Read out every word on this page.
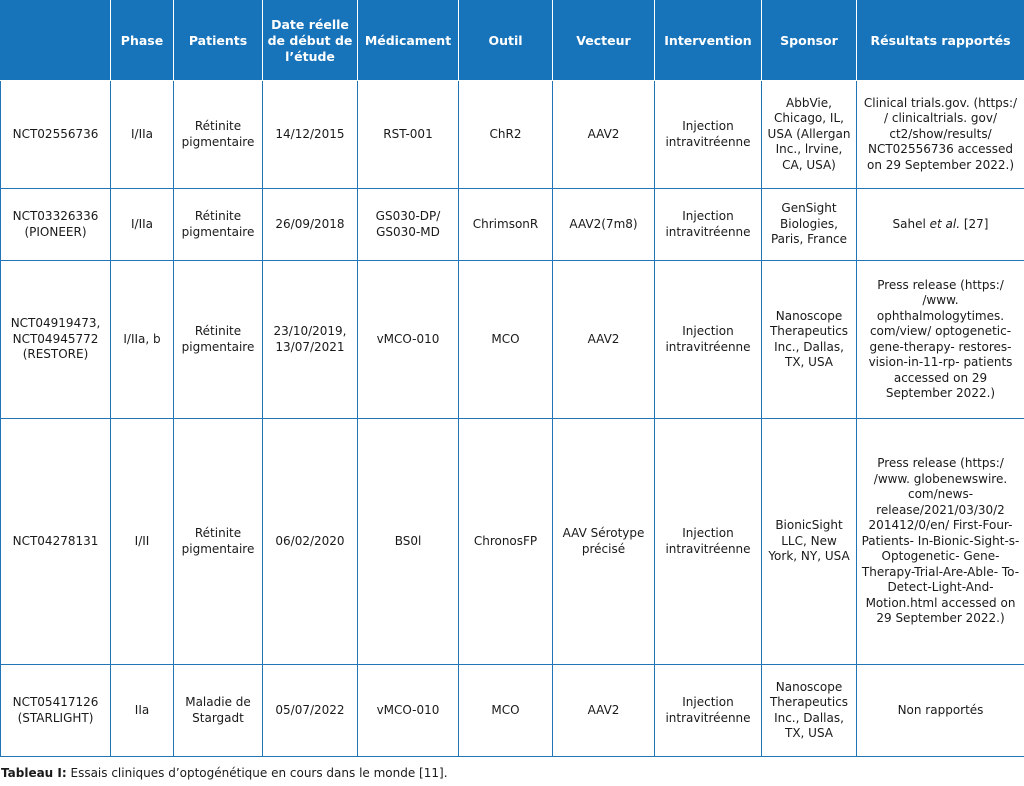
	Phase	Patients	Date réelle de début de l’étude	Médicament	Outil	Vecteur	Intervention	Sponsor	Résultats rapportés
NCT02556736	I/IIa	Rétinite pigmentaire	14/12/2015	RST-001	ChR2	AAV2	Injection intravitréenne	AbbVie, Chicago, IL, USA (Allergan Inc., lrvine, CA, USA)	Clinical trials.gov. (https:/ / clinicaltrials. gov/ ct2/show/results/ NCT02556736 accessed on 29 September 2022.)
NCT03326336 (PIONEER)	I/IIa	Rétinite pigmentaire	26/09/2018	GS030-DP/ GS030-MD	ChrimsonR	AAV2(7m8)	Injection intravitréenne	GenSight Biologies, Paris, France	Sahel et al. [27]
NCT04919473, NCT04945772 (RESTORE)	I/IIa, b	Rétinite pigmentaire	23/10/2019, 13/07/2021	vMCO-010	MCO	AAV2	Injection intravitréenne	Nanoscope Therapeutics Inc., Dallas, TX, USA	Press release (https:/ /www. ophthalmologytimes. com/view/ optogenetic- gene-therapy- restores- vision-in-11-rp- patients accessed on 29 September 2022.)
NCT04278131	I/II	Rétinite pigmentaire	06/02/2020	BS0l	ChronosFP	AAV Sérotype précisé	Injection intravitréenne	BionicSight LLC, New York, NY, USA	Press release (https:/ /www. globenewswire. com/news- release/2021/03/30/2 201412/0/en/ First-Four-Patients- In-Bionic-Sight-s- Optogenetic- Gene- Therapy-Trial-Are-Able- To- Detect-Light-And- Motion.html accessed on 29 September 2022.)
NCT05417126 (STARLIGHT)	IIa	Maladie de Stargadt	05/07/2022	vMCO-010	MCO	AAV2	Injection intravitréenne	Nanoscope Therapeutics Inc., Dallas, TX, USA	Non rapportés
Tableau I: Essais cliniques d’optogénétique en cours dans le monde [11].
